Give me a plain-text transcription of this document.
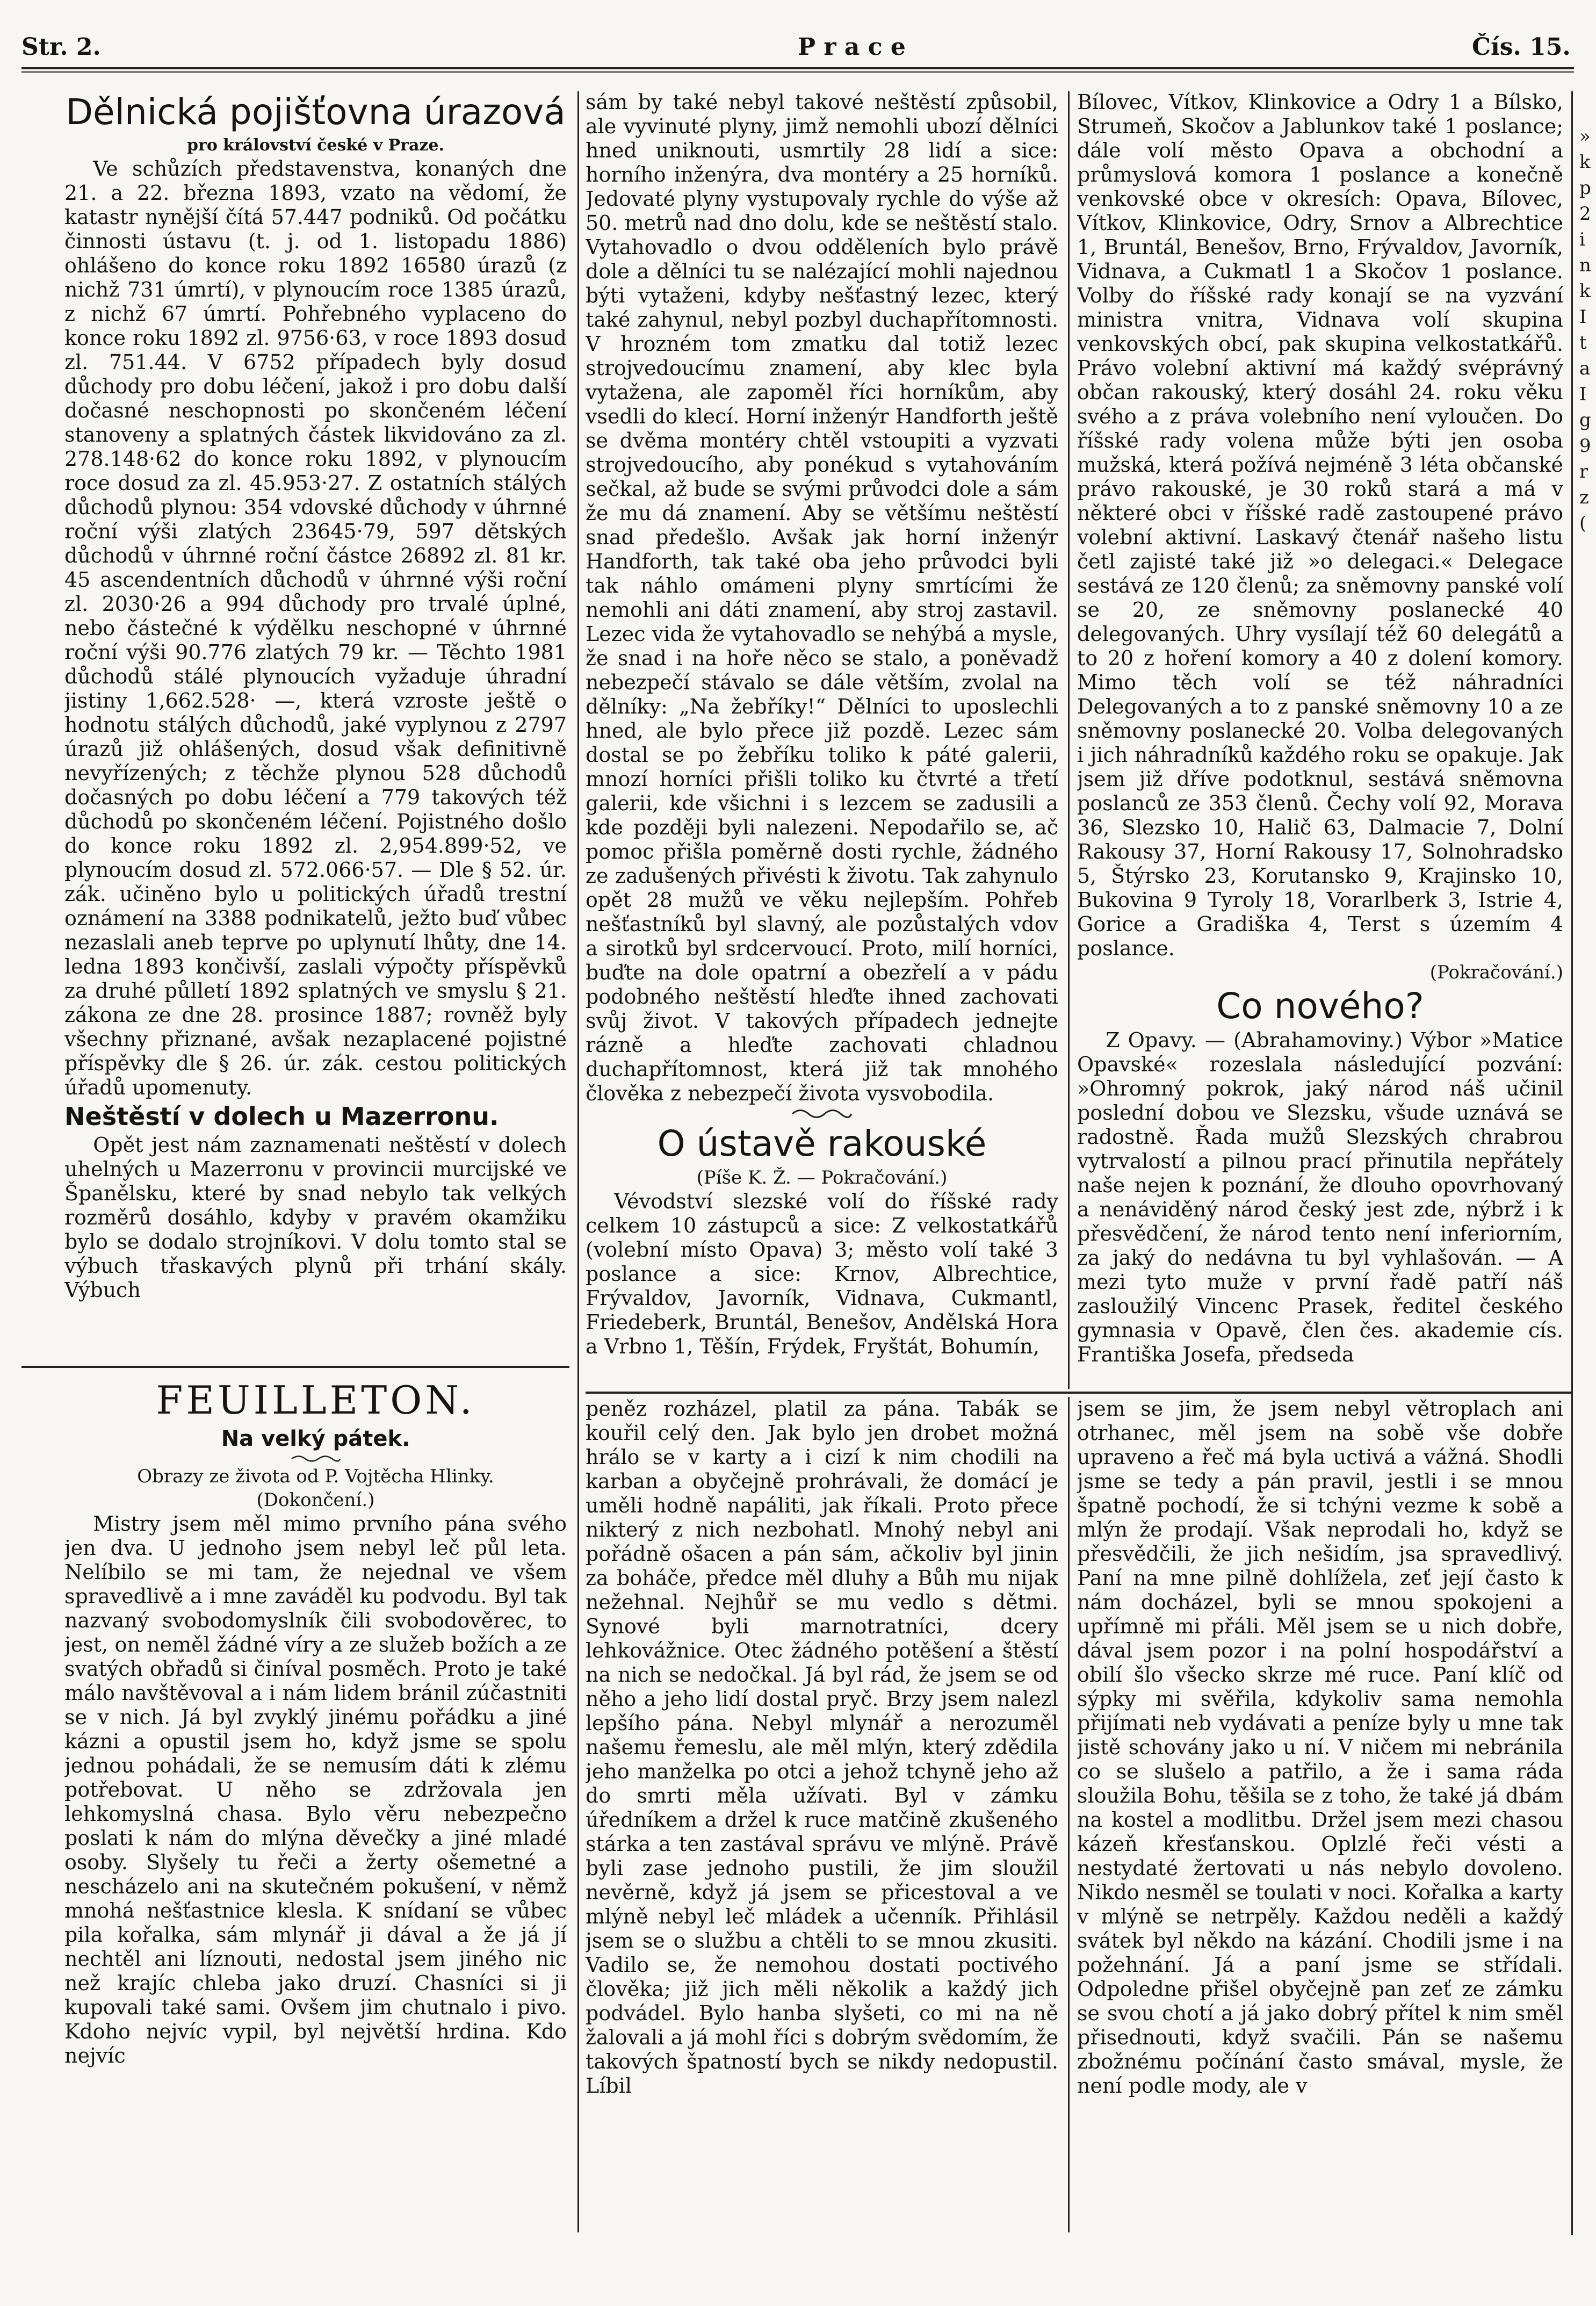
Str. 2.	P r a c e	Čís. 15.

Dělnická pojišťovna úrazová

pro království české v Praze.

Ve schůzích představenstva, konaných dne 21. a 22. března 1893, vzato na vědomí, že katastr nynější čítá 57.447 podniků. Od počátku činnosti ústavu (t. j. od 1. listopadu 1886) ohlášeno do konce roku 1892 16580 úrazů (z nichž 731 úmrtí), v plynoucím roce 1385 úrazů, z nichž 67 úmrtí. Pohřebného vyplaceno do konce roku 1892 zl. 9756·63, v roce 1893 dosud zl. 751.44. V 6752 případech byly dosud důchody pro dobu léčení, jakož i pro dobu další dočasné neschopnosti po skončeném léčení stanoveny a splatných částek likvidováno za zl. 278.148·62 do konce roku 1892, v plynoucím roce dosud za zl. 45.953·27. Z ostatních stálých důchodů plynou: 354 vdovské důchody v úhrnné roční výši zlatých 23645·79, 597 dětských důchodů v úhrnné roční částce 26892 zl. 81 kr. 45 ascendentních důchodů v úhrnné výši roční zl. 2030·26 a 994 důchody pro trvalé úplné, nebo částečné k výdělku neschopné v úhrnné roční výši 90.776 zlatých 79 kr. — Těchto 1981 důchodů stálé plynoucích vyžaduje úhradní jistiny 1,662.528· —, která vzroste ještě o hodnotu stálých důchodů, jaké vyplynou z 2797 úrazů již ohlášených, dosud však definitivně nevyřízených; z těchže plynou 528 důchodů dočasných po dobu léčení a 779 takových též důchodů po skončeném léčení. Pojistného došlo do konce roku 1892 zl. 2,954.899·52, ve plynoucím dosud zl. 572.066·57. — Dle § 52. úr. zák. učiněno bylo u politických úřadů trestní oznámení na 3388 podnikatelů, ježto buď vůbec nezaslali aneb teprve po uplynutí lhůty, dne 14. ledna 1893 končivší, zaslali výpočty příspěvků za druhé půlletí 1892 splatných ve smyslu § 21. zákona ze dne 28. prosince 1887; rovněž byly všechny přiznané, avšak nezaplacené pojistné příspěvky dle § 26. úr. zák. cestou politických úřadů upomenuty.

Neštěstí v dolech u Mazerronu.

Opět jest nám zaznamenati neštěstí v dolech uhelných u Mazerronu v provincii murcijské ve Španělsku, které by snad nebylo tak velkých rozměrů dosáhlo, kdyby v pravém okamžiku bylo se dodalo strojníkovi. V dolu tomto stal se výbuch třaskavých plynů při trhání skály. Výbuch

sám by také nebyl takové neštěstí způsobil, ale vyvinuté plyny, jimž nemohli ubozí dělníci hned uniknouti, usmrtily 28 lidí a sice: horního inženýra, dva montéry a 25 horníků. Jedovaté plyny vystupovaly rychle do výše až 50. metrů nad dno dolu, kde se neštěstí stalo. Vytahovadlo o dvou odděleních bylo právě dole a dělníci tu se nalézající mohli najednou býti vytaženi, kdyby nešťastný lezec, který také zahynul, nebyl pozbyl duchapřítomnosti. V hrozném tom zmatku dal totiž lezec strojvedoucímu znamení, aby klec byla vytažena, ale zapoměl říci horníkům, aby vsedli do klecí. Horní inženýr Handforth ještě se dvěma montéry chtěl vstoupiti a vyzvati strojvedoucího, aby ponékud s vytahováním sečkal, až bude se svými průvodci dole a sám že mu dá znamení. Aby se většímu neštěstí snad předešlo. Avšak jak horní inženýr Handforth, tak také oba jeho průvodci byli tak náhlo omámeni plyny smrtícími že nemohli ani dáti znamení, aby stroj zastavil. Lezec vida že vytahovadlo se nehýbá a mysle, že snad i na hoře něco se stalo, a poněvadž nebezpečí stávalo se dále větším, zvolal na dělníky: „Na žebříky!“ Dělníci to uposlechli hned, ale bylo přece již pozdě. Lezec sám dostal se po žebříku toliko k páté galerii, mnozí horníci přišli toliko ku čtvrté a třetí galerii, kde všichni i s lezcem se zadusili a kde později byli nalezeni. Nepodařilo se, ač pomoc přišla poměrně dosti rychle, žádného ze zadušených přivésti k životu. Tak zahynulo opět 28 mužů ve věku nejlepším. Pohřeb nešťastníků byl slavný, ale pozůstalých vdov a sirotků byl srdcervoucí. Proto, milí horníci, buďte na dole opatrní a obezřelí a v pádu podobného neštěstí hleďte ihned zachovati svůj život. V takových případech jednejte rázně a hleďte zachovati chladnou duchapřítomnost, která již tak mnohého člověka z nebezpečí života vysvobodila.

O ústavě rakouské

(Píše K. Ž. — Pokračování.)

Vévodství slezské volí do říšské rady celkem 10 zástupců a sice: Z velkostatkářů (volební místo Opava) 3; město volí také 3 poslance a sice: Krnov, Albrechtice, Frývaldov, Javorník, Vidnava, Cukmantl, Friedeberk, Bruntál, Benešov, Andělská Hora a Vrbno 1, Těšín, Frýdek, Fryštát, Bohumín,

Bílovec, Vítkov, Klinkovice a Odry 1 a Bílsko, Strumeň, Skočov a Jablunkov také 1 poslance; dále volí město Opava a obchodní a průmyslová komora 1 poslance a konečně venkovské obce v okresích: Opava, Bílovec, Vítkov, Klinkovice, Odry, Srnov a Albrechtice 1, Bruntál, Benešov, Brno, Frývaldov, Javorník, Vidnava, a Cukmatl 1 a Skočov 1 poslance. Volby do říšské rady konají se na vyzvání ministra vnitra, Vidnava volí skupina venkovských obcí, pak skupina velkostatkářů. Právo volební aktivní má každý svéprávný občan rakouský, který dosáhl 24. roku věku svého a z práva volebního není vyloučen. Do říšské rady volena může býti jen osoba mužská, která požívá nejméně 3 léta občanské právo rakouské, je 30 roků stará a má v některé obci v říšské radě zastoupené právo volební aktivní. Laskavý čtenář našeho listu četl zajisté také již »o delegaci.« Delegace sestává ze 120 členů; za sněmovny panské volí se 20, ze sněmovny poslanecké 40 delegovaných. Uhry vysílají též 60 delegátů a to 20 z hoření komory a 40 z dolení komory. Mimo těch volí se též náhradníci Delegovaných a to z panské sněmovny 10 a ze sněmovny poslanecké 20. Volba delegovaných i jich náhradníků každého roku se opakuje. Jak jsem již dříve podotknul, sestává sněmovna poslanců ze 353 členů. Čechy volí 92, Morava 36, Slezsko 10, Halič 63, Dalmacie 7, Dolní Rakousy 37, Horní Rakousy 17, Solnohradsko 5, Štýrsko 23, Korutansko 9, Krajinsko 10, Bukovina 9 Tyroly 18, Vorarlberk 3, Istrie 4, Gorice a Gradiška 4, Terst s územím 4 poslance.

(Pokračování.)

Co nového?

Z Opavy. — (Abrahamoviny.) Výbor »Matice Opavské« rozeslala následující pozvání: »Ohromný pokrok, jaký národ náš učinil poslední dobou ve Slezsku, všude uznává se radostně. Řada mužů Slezských chrabrou vytrvalostí a pilnou prací přinutila nepřátely naše nejen k poznání, že dlouho opovrhovaný a nenáviděný národ český jest zde, nýbrž i k přesvědčení, že národ tento není inferiorním, za jaký do nedávna tu byl vyhlašován. — A mezi tyto muže v první řadě patří náš zasloužilý Vincenc Prasek, ředitel českého gymnasia v Opavě, člen čes. akademie cís. Františka Josefa, předseda

FEUILLETON.

Na velký pátek.

Obrazy ze života od P. Vojtěcha Hlinky.

(Dokončení.)

Mistry jsem měl mimo prvního pána svého jen dva. U jednoho jsem nebyl leč půl leta. Nelíbilo se mi tam, že nejednal ve všem spravedlivě a i mne zaváděl ku podvodu. Byl tak nazvaný svobodomyslník čili svobodověrec, to jest, on neměl žádné víry a ze služeb božích a ze svatých obřadů si činíval posměch. Proto je také málo navštěvoval a i nám lidem bránil zúčastniti se v nich. Já byl zvyklý jinému pořádku a jiné kázni a opustil jsem ho, když jsme se spolu jednou pohádali, že se nemusím dáti k zlému potřebovat. U něho se zdržovala jen lehkomyslná chasa. Bylo věru nebezpečno poslati k nám do mlýna děvečky a jiné mladé osoby. Slyšely tu řeči a žerty ošemetné a nescházelo ani na skutečném pokušení, v němž mnohá nešťastnice klesla. K snídaní se vůbec pila kořalka, sám mlynář ji dával a že já jí nechtěl ani líznouti, nedostal jsem jiného nic než krajíc chleba jako druzí. Chasníci si ji kupovali také sami. Ovšem jim chutnalo i pivo. Kdoho nejvíc vypil, byl největší hrdina. Kdo nejvíc

peněz rozházel, platil za pána. Tabák se kouřil celý den. Jak bylo jen drobet možná hrálo se v karty a i cizí k nim chodili na karban a obyčejně prohrávali, že domácí je uměli hodně napáliti, jak říkali. Proto přece nikterý z nich nezbohatl. Mnohý nebyl ani pořádně ošacen a pán sám, ačkoliv byl jinin za boháče, předce měl dluhy a Bůh mu nijak nežehnal. Nejhůř se mu vedlo s dětmi. Synové byli marnotratníci, dcery lehkovážnice. Otec žádného potěšení a štěstí na nich se nedočkal. Já byl rád, že jsem se od něho a jeho lidí dostal pryč. Brzy jsem nalezl lepšího pána. Nebyl mlynář a nerozuměl našemu řemeslu, ale měl mlýn, který zdědila jeho manželka po otci a jehož tchyně jeho až do smrti měla užívati. Byl v zámku úředníkem a držel k ruce matčině zkušeného stárka a ten zastával správu ve mlýně. Právě byli zase jednoho pustili, že jim sloužil nevěrně, když já jsem se přicestoval a ve mlýně nebyl leč mládek a učenník. Přihlásil jsem se o službu a chtěli to se mnou zkusiti. Vadilo se, že nemohou dostati poctivého člověka; již jich měli několik a každý jich podvádel. Bylo hanba slyšeti, co mi na ně žalovali a já mohl říci s dobrým svědomím, že takových špatností bych se nikdy nedopustil. Líbil

jsem se jim, že jsem nebyl větroplach ani otrhanec, měl jsem na sobě vše dobře upraveno a řeč má byla uctivá a vážná. Shodli jsme se tedy a pán pravil, jestli i se mnou špatně pochodí, že si tchýni vezme k sobě a mlýn že prodají. Však neprodali ho, když se přesvědčili, že jich nešidím, jsa spravedlivý. Paní na mne pilně dohlížela, zeť její často k nám docházel, byli se mnou spokojeni a upřímně mi přáli. Měl jsem se u nich dobře, dával jsem pozor i na polní hospodářství a obilí šlo všecko skrze mé ruce. Paní klíč od sýpky mi svěřila, kdykoliv sama nemohla přijímati neb vydávati a peníze byly u mne tak jistě schovány jako u ní. V ničem mi nebránila co se slušelo a patřilo, a že i sama ráda sloužila Bohu, těšila se z toho, že také já dbám na kostel a modlitbu. Držel jsem mezi chasou kázeň křesťanskou. Oplzlé řeči vésti a nestydaté žertovati u nás nebylo dovoleno. Nikdo nesměl se toulati v noci. Kořalka a karty v mlýně se netrpěly. Každou neděli a každý svátek byl někdo na kázání. Chodili jsme i na požehnání. Já a paní jsme se střídali. Odpoledne přišel obyčejně pan zeť ze zámku se svou chotí a já jako dobrý přítel k nim směl přisednouti, když svačili. Pán se našemu zbožnému počínání často smával, mysle, že není podle mody, ale v

» k p 2 i n k I t a I g 9 r z (
